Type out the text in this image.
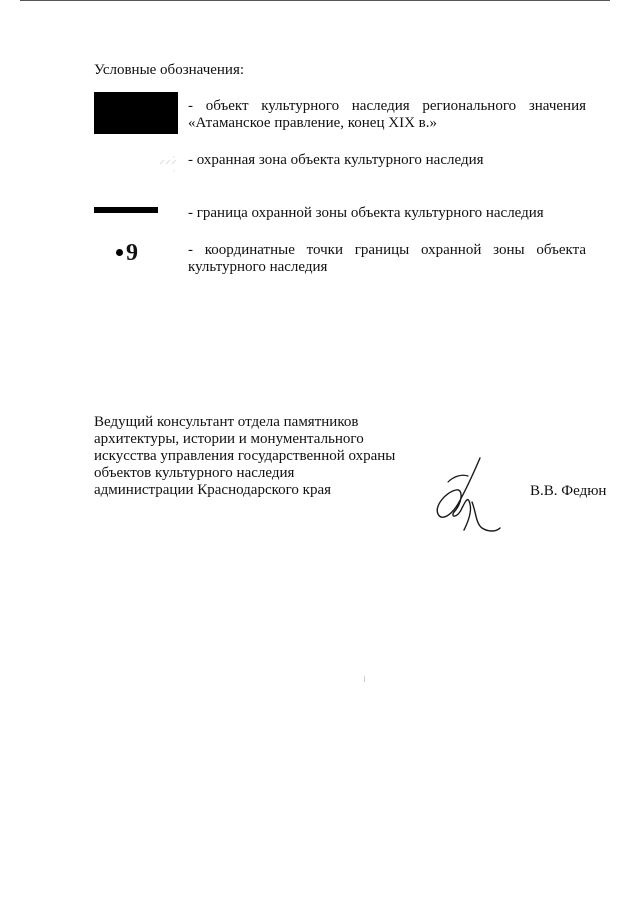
Условные обозначения:
- объект культурного наследия регионального значения «Атаманское правление, конец XIX в.»
- охранная зона объекта культурного наследия
- граница охранной зоны объекта культурного наследия
9	- координатные точки границы охранной зоны объекта культурного наследия
Ведущий консультант отдела памятников
архитектуры, истории и монументального
искусства управления государственной охраны
объектов культурного наследия
администрации Краснодарского края	В.В. Федюн
